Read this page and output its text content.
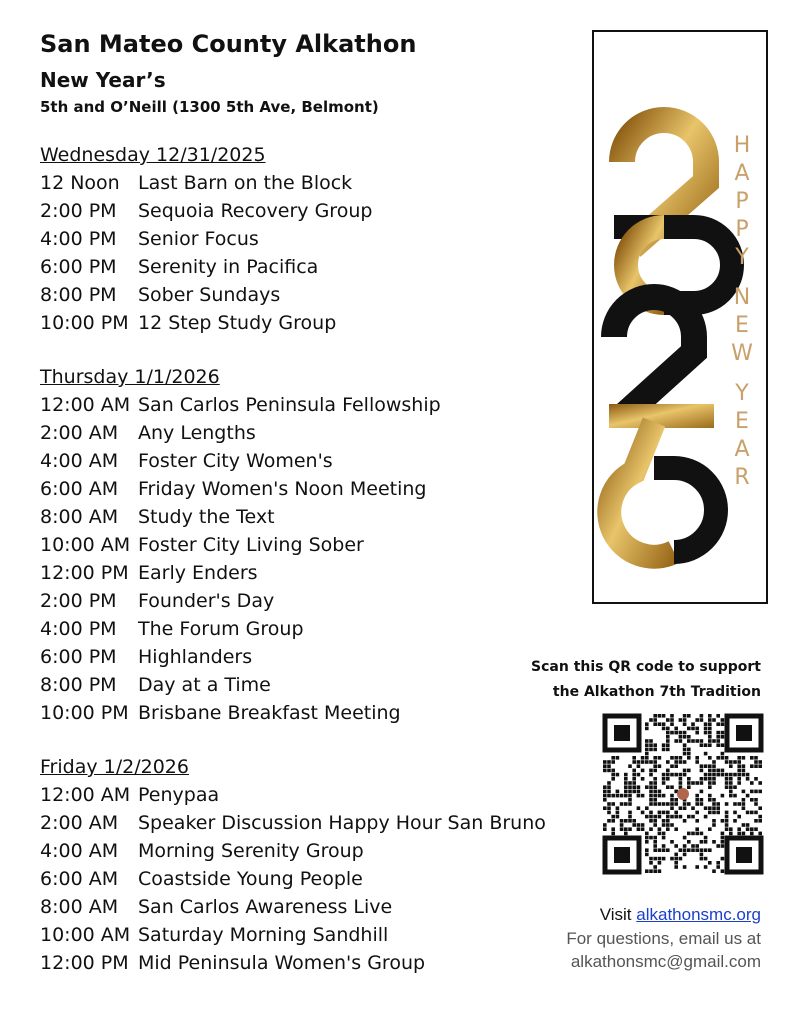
San Mateo County Alkathon
New Year’s
5th and O’Neill (1300 5th Ave, Belmont)
Wednesday 12/31/2025
12 Noon Last Barn on the Block
2:00 PM Sequoia Recovery Group
4:00 PM Senior Focus
6:00 PM Serenity in Pacifica
8:00 PM Sober Sundays
10:00 PM 12 Step Study Group
Thursday 1/1/2026
12:00 AM San Carlos Peninsula Fellowship
2:00 AM Any Lengths
4:00 AM Foster City Women's
6:00 AM Friday Women's Noon Meeting
8:00 AM Study the Text
10:00 AM Foster City Living Sober
12:00 PM Early Enders
2:00 PM Founder's Day
4:00 PM The Forum Group
6:00 PM Highlanders
8:00 PM Day at a Time
10:00 PM Brisbane Breakfast Meeting
Friday 1/2/2026
12:00 AM Penypaa
2:00 AM Speaker Discussion Happy Hour San Bruno
4:00 AM Morning Serenity Group
6:00 AM Coastside Young People
8:00 AM San Carlos Awareness Live
10:00 AM Saturday Morning Sandhill
12:00 PM Mid Peninsula Women's Group
H
A
P
P
Y
N
E
W
Y
E
A
R
Scan this QR code to support
the Alkathon 7th Tradition
Visit alkathonsmc.org
For questions, email us at
alkathonsmc@gmail.com
